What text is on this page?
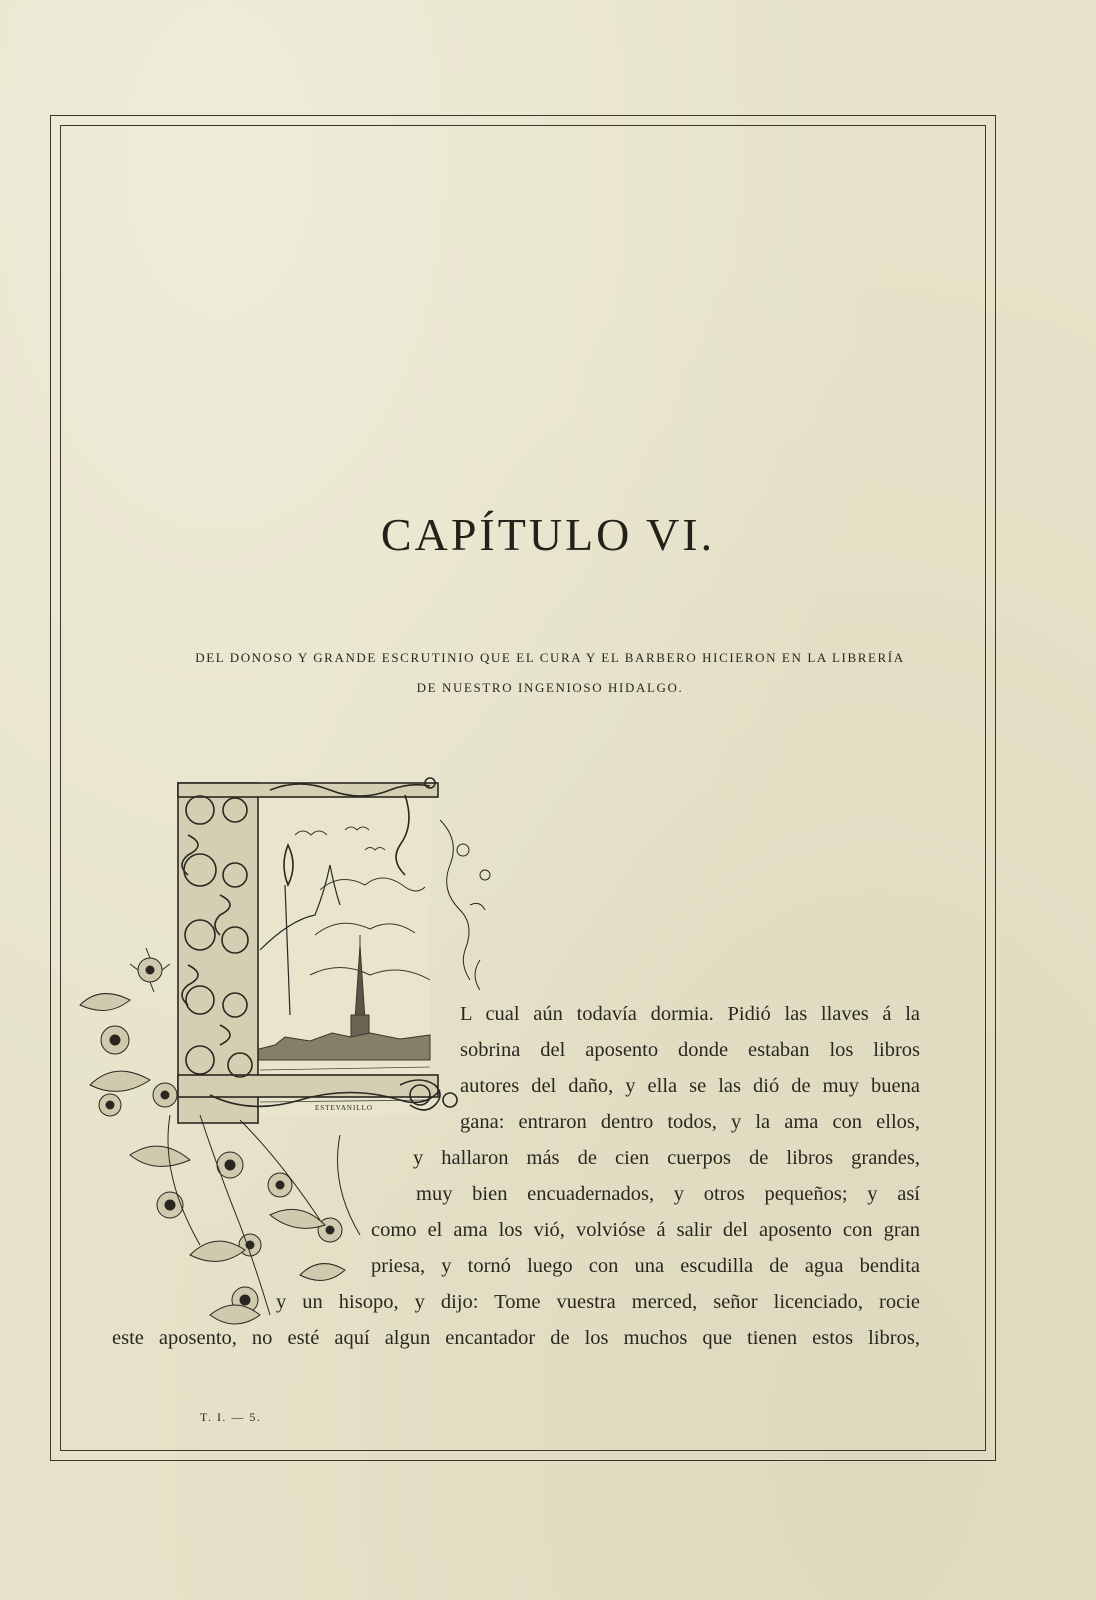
CAPÍTULO VI.

DEL DONOSO Y GRANDE ESCRUTINIO QUE EL CURA Y EL BARBERO HICIERON EN LA LIBRERÍA

DE NUESTRO INGENIOSO HIDALGO.

ESTEVANILLO
L cual aún todavía dormia. Pidió las llaves á la
sobrina del aposento donde estaban los libros
autores del daño, y ella se las dió de muy buena
gana: entraron dentro todos, y la ama con ellos,
y hallaron más de cien cuerpos de libros grandes,
muy bien encuadernados, y otros pequeños; y así
como el ama los vió, volvióse á salir del aposento con gran
priesa, y tornó luego con una escudilla de agua bendita
y un hisopo, y dijo: Tome vuestra merced, señor licenciado, rocie
este aposento, no esté aquí algun encantador de los muchos que tienen estos libros,
T. I. — 5.
